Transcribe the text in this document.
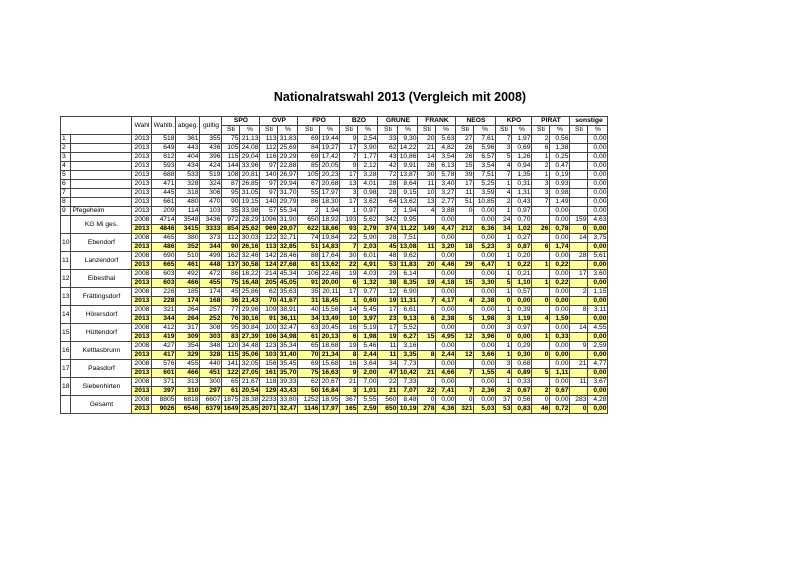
Nationalratswahl 2013 (Vergleich mit 2008)
		Wahl	Wahlb.	abgeg.	gültig	SPÖ		ÖVP		FPÖ		BZÖ		GRÜNE		FRANK		NEOS		KPÖ		PIRAT		sonstige	
						Sti	%	Sti	%	Sti	%	Sti	%	Sti	%	Sti	%	Sti	%	Sti	%	Sti	%	Sti	%
1		2013	518	361	355	75	21,13	113	31,83	69	19,44	9	2,54	33	9,30	20	5,63	27	7,61	7	1,97	2	0,56		0,00
2		2013	649	443	436	105	24,08	112	25,69	84	19,27	17	3,90	62	14,22	21	4,82	26	5,96	3	0,69	6	1,38		0,00
3		2013	612	404	396	115	29,04	116	29,29	69	17,42	7	1,77	43	10,86	14	3,54	26	6,57	5	1,26	1	0,25		0,00
4		2013	593	434	424	144	33,96	97	22,88	85	20,05	9	2,12	42	9,91	26	6,13	15	3,54	4	0,94	2	0,47		0,00
5		2013	688	533	519	108	20,81	140	26,97	105	20,23	17	3,28	72	13,87	30	5,78	39	7,51	7	1,35	1	0,19		0,00
6		2013	471	328	324	87	26,85	97	29,94	67	20,68	13	4,01	28	8,64	11	3,40	17	5,25	1	0,31	3	0,93		0,00
7		2013	445	318	306	95	31,05	97	31,70	55	17,97	3	0,98	28	9,15	10	3,27	11	3,59	4	1,31	3	0,98		0,00
8		2013	661	480	470	90	19,15	140	29,79	86	18,30	17	3,62	64	13,62	13	2,77	51	10,85	2	0,43	7	1,49		0,00
9	Pfegeheim	2013	209	114	103	35	33,98	57	55,34	2	1,94	1	0,97	2	1,94	4	3,88	0	0,00	1	0,97		0,00		0,00
	KG Mi ges.	2008	4714	3548	3436	972	28,29	1096	31,90	650	18,92	193	5,62	342	9,95		0,00		0,00	24	0,70		0,00	159	4,63
		2013	4846	3415	3333	854	25,62	969	29,07	622	18,66	93	2,79	374	11,22	149	4,47	212	6,36	34	1,02	26	0,78	0	0,00
10	Ebendorf	2008	465	380	373	112	30,03	122	32,71	74	19,84	22	5,90	28	7,51		0,00		0,00	1	0,27		0,00	14	3,75
		2013	486	352	344	90	26,16	113	32,85	51	14,83	7	2,03	45	13,08	11	3,20	18	5,23	3	0,87	6	1,74		0,00
11	Lanzendorf	2008	690	510	499	162	32,46	142	28,46	88	17,64	30	6,01	48	9,62		0,00		0,00	1	0,20		0,00	28	5,61
		2013	665	461	448	137	30,58	124	27,68	61	13,62	22	4,91	53	11,83	20	4,46	29	6,47	1	0,22	1	0,22		0,00
12	Eibesthal	2008	603	492	472	86	18,22	214	45,34	106	22,46	19	4,03	29	6,14		0,00		0,00	1	0,21		0,00	17	3,60
		2013	603	466	455	75	16,48	205	45,05	91	20,00	6	1,32	38	8,35	19	4,18	15	3,30	5	1,10	1	0,22		0,00
13	Frättingsdorf	2008	226	185	174	45	25,86	62	35,63	35	20,11	17	9,77	12	6,90		0,00		0,00	1	0,57		0,00	2	1,15
		2013	228	174	168	36	21,43	70	41,67	31	18,45	1	0,60	19	11,31	7	4,17	4	2,38	0	0,00	0	0,00		0,00
14	Hörersdorf	2008	321	264	257	77	29,96	109	38,91	40	15,56	14	5,45	17	6,61		0,00		0,00	1	0,39		0,00	8	3,11
		2013	344	264	252	76	30,16	91	36,11	34	13,49	10	3,97	23	9,13	6	2,38	5	1,98	3	1,19	4	1,59		0,00
15	Hüttendorf	2008	412	317	308	95	30,84	100	32,47	63	20,45	16	5,19	17	5,52		0,00		0,00	3	0,97		0,00	14	4,55
		2013	419	309	303	83	27,39	106	34,98	61	20,13	6	1,98	19	6,27	15	4,95	12	3,96	0	0,00	1	0,33		0,00
16	Kettlasbrunn	2008	427	354	348	120	34,48	123	35,34	65	18,68	19	5,46	11	3,16		0,00		0,00	1	0,29		0,00	9	2,59
		2013	417	329	328	115	35,06	103	31,40	70	21,34	8	2,44	11	3,35	8	2,44	12	3,66	1	0,30	0	0,00		0,00
17	Paasdorf	2008	576	455	440	141	32,05	156	35,45	69	15,68	16	3,64	34	7,73		0,00		0,00	3	0,68		0,00	21	4,77
		2013	601	466	451	122	27,05	161	35,70	75	16,63	9	2,00	47	10,42	21	4,66	7	1,55	4	0,89	5	1,11		0,00
18	Siebenhirten	2008	371	313	300	65	21,67	118	39,33	62	20,67	21	7,00	22	7,33		0,00		0,00	1	0,33		0,00	11	3,67
		2013	397	310	297	61	20,54	129	43,43	50	16,84	3	1,01	21	7,07	22	7,41	7	2,36	2	0,67	2	0,67		0,00
	Gesamt	2008	8805	6818	6607	1875	28,38	2233	33,80	1252	18,95	367	5,55	560	8,48	0	0,00	0	0,00	37	0,56	0	0,00	283	4,28
		2013	9026	6546	6379	1649	25,85	2071	32,47	1146	17,97	165	2,59	650	10,19	278	4,36	321	5,03	53	0,83	46	0,72	0	0,00
